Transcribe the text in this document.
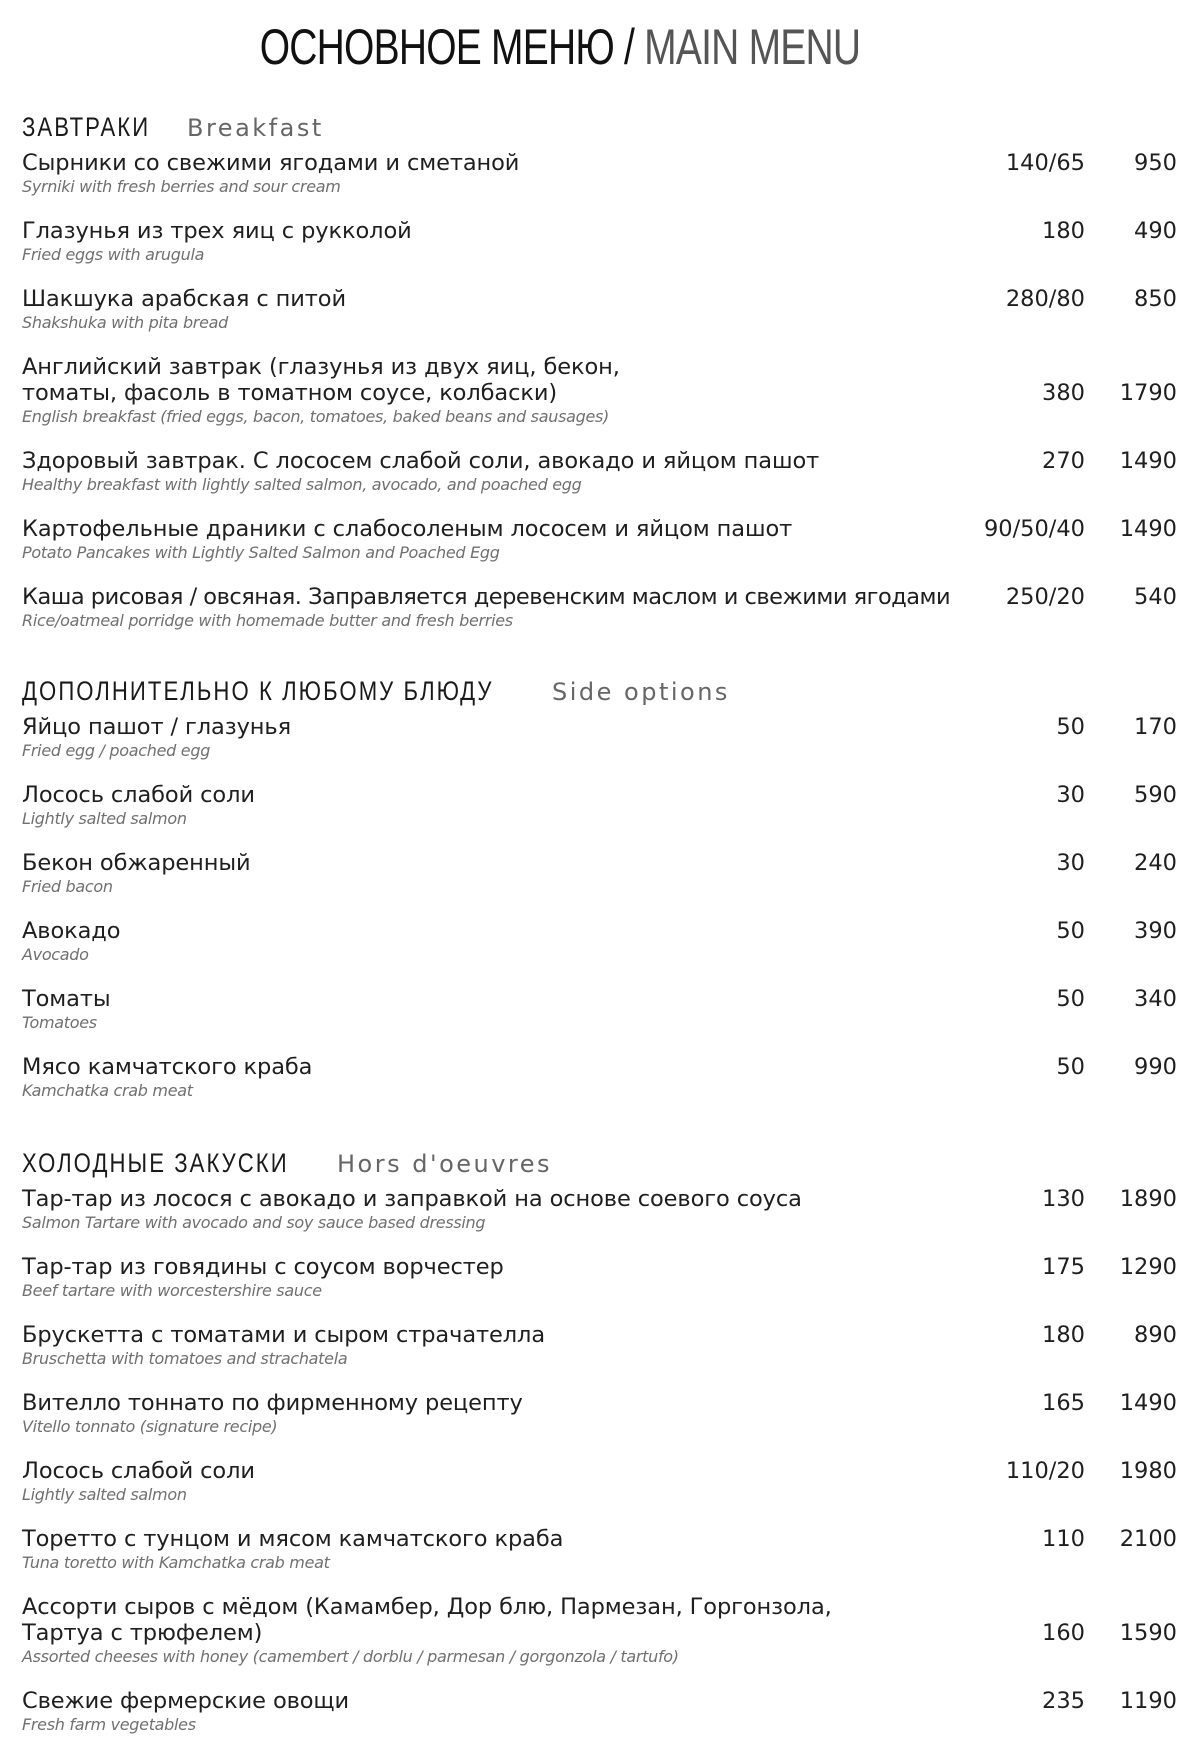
ОСНОВНОЕ МЕНЮ / MAIN MENU
ЗАВТРАКИ Breakfast
Сырники со свежими ягодами и сметаной
Syrniki with fresh berries and sour cream
140/65	950
Глазунья из трех яиц с рукколой
Fried eggs with arugula
180	490
Шакшука арабская с питой
Shakshuka with pita bread
280/80	850
Английский завтрак (глазунья из двух яиц, бекон, томаты, фасоль в томатном соусе, колбаски)
English breakfast (fried eggs, bacon, tomatoes, baked beans and sausages)
380	1790
Здоровый завтрак. С лососем слабой соли, авокадо и яйцом пашот
Healthy breakfast with lightly salted salmon, avocado, and poached egg
270	1490
Картофельные драники с слабосоленым лососем и яйцом пашот
Potato Pancakes with Lightly Salted Salmon and Poached Egg
90/50/40	1490
Каша рисовая / овсяная. Заправляется деревенским маслом и свежими ягодами
Rice/oatmeal porridge with homemade butter and fresh berries
250/20	540
ДОПОЛНИТЕЛЬНО К ЛЮБОМУ БЛЮДУ Side options
Яйцо пашот / глазунья
Fried egg / poached egg
50	170
Лосось слабой соли
Lightly salted salmon
30	590
Бекон обжаренный
Fried bacon
30	240
Авокадо
Avocado
50	390
Томаты
Tomatoes
50	340
Мясо камчатского краба
Kamchatka crab meat
50	990
ХОЛОДНЫЕ ЗАКУСКИ Hors d'oeuvres
Тар-тар из лосося с авокадо и заправкой на основе соевого соуса
Salmon Tartare with avocado and soy sauce based dressing
130	1890
Тар-тар из говядины с соусом ворчестер
Beef tartare with worcestershire sauce
175	1290
Брускетта с томатами и сыром страчателла
Bruschetta with tomatoes and strachatela
180	890
Вителло тоннато по фирменному рецепту
Vitello tonnato (signature recipe)
165	1490
Лосось слабой соли
Lightly salted salmon
110/20	1980
Торетто с тунцом и мясом камчатского краба
Tuna toretto with Kamchatka crab meat
110	2100
Ассорти сыров с мёдом (Камамбер, Дор блю, Пармезан, Горгонзола, Тартуа с трюфелем)
Assorted cheeses with honey (camembert / dorblu / parmesan / gorgonzola / tartufo)
160	1590
Свежие фермерские овощи
Fresh farm vegetables
235	1190
